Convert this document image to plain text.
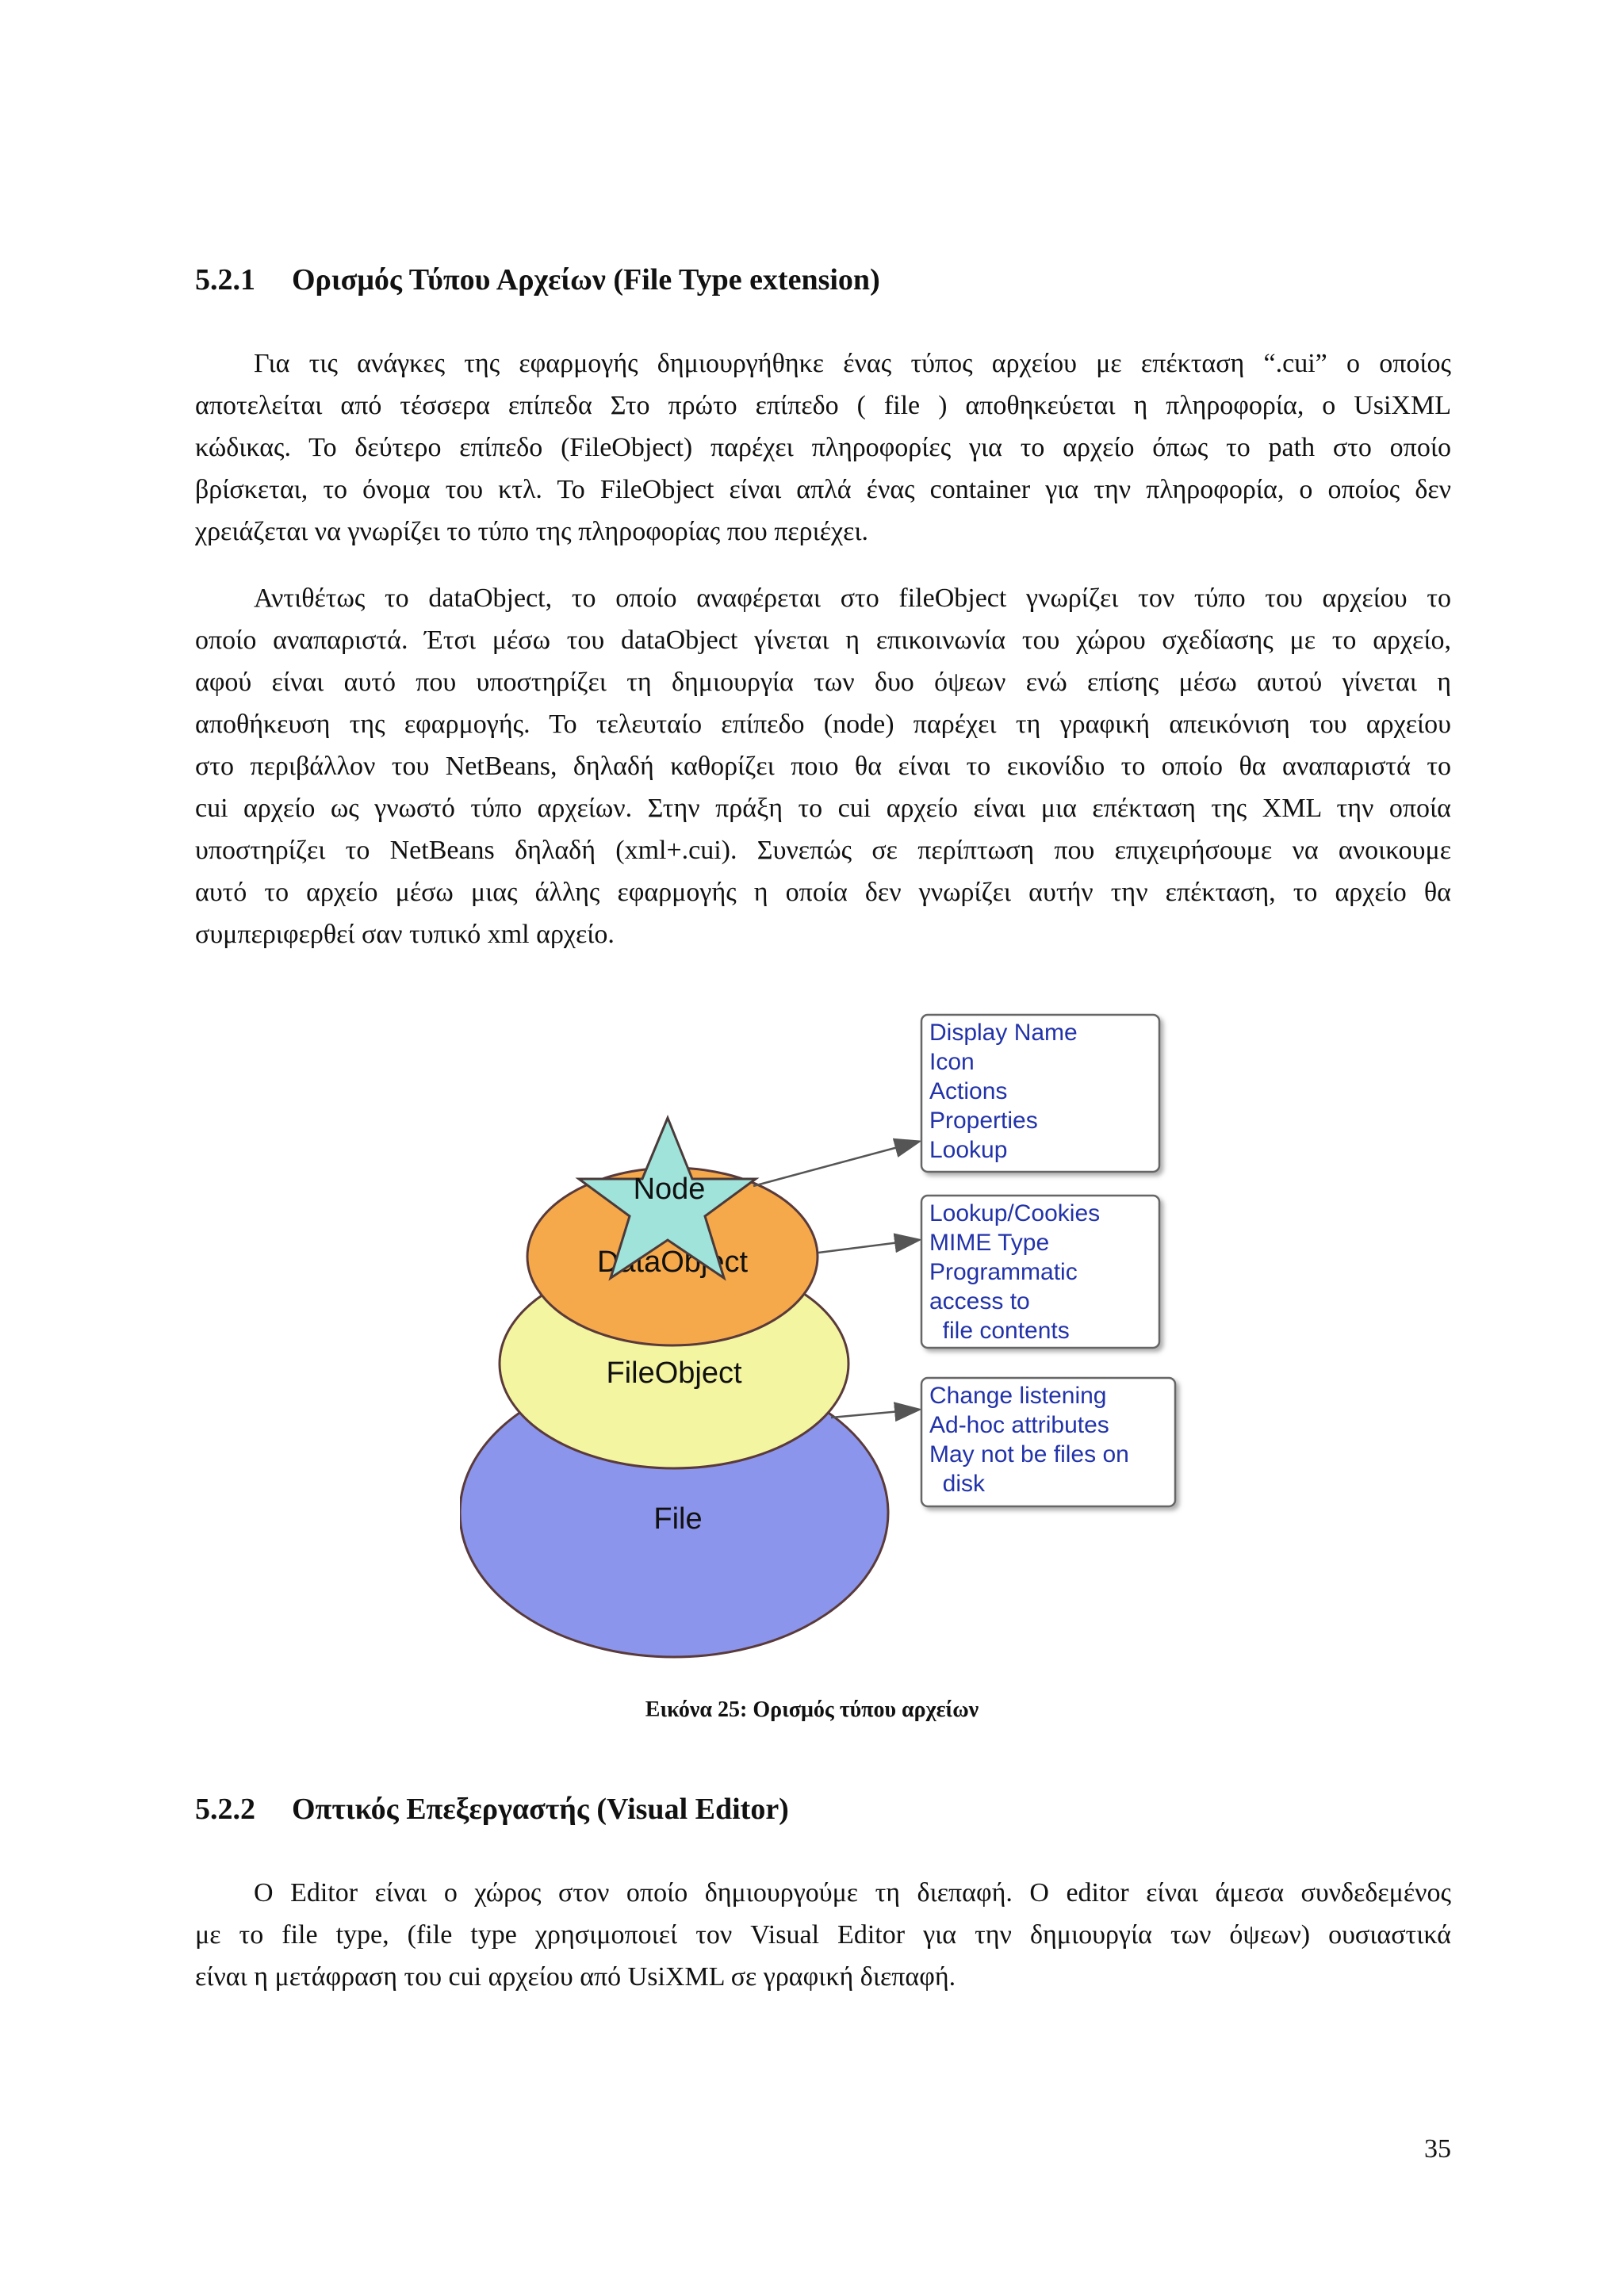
5.2.1 Ορισμός Τύπου Αρχείων (File Type extension)
Για τις ανάγκες της εφαρμογής δημιουργήθηκε ένας τύπος αρχείου με επέκταση “.cui” ο οποίος
αποτελείται από τέσσερα επίπεδα Στο πρώτο επίπεδο ( file ) αποθηκεύεται η πληροφορία, ο UsiXML
κώδικας. Το δεύτερο επίπεδο (FileObject) παρέχει πληροφορίες για το αρχείο όπως το path στο οποίο
βρίσκεται, το όνομα του κτλ. Το FileObject είναι απλά ένας container για την πληροφορία, ο οποίος δεν
χρειάζεται να γνωρίζει το τύπο της πληροφορίας που περιέχει.
Αντιθέτως το dataObject, το οποίο αναφέρεται στο fileObject γνωρίζει τον τύπο του αρχείου το
οποίο αναπαριστά. Έτσι μέσω του dataObject γίνεται η επικοινωνία του χώρου σχεδίασης με το αρχείο,
αφού είναι αυτό που υποστηρίζει τη δημιουργία των δυο όψεων ενώ επίσης μέσω αυτού γίνεται η
αποθήκευση της εφαρμογής. Το τελευταίο επίπεδο (node) παρέχει τη γραφική απεικόνιση του αρχείου
στο περιβάλλον του NetBeans, δηλαδή καθορίζει ποιο θα είναι το εικονίδιο το οποίο θα αναπαριστά το
cui αρχείο ως γνωστό τύπο αρχείων. Στην πράξη το cui αρχείο είναι μια επέκταση της XML την οποία
υποστηρίζει το NetBeans δηλαδή (xml+.cui). Συνεπώς σε περίπτωση που επιχειρήσουμε να ανοικουμε
αυτό το αρχείο μέσω μιας άλλης εφαρμογής η οποία δεν γνωρίζει αυτήν την επέκταση, το αρχείο θα
συμπεριφερθεί σαν τυπικό xml αρχείο.
File
FileObject
DataObject
Node
Display Name Icon Actions Properties Lookup
Lookup/Cookies MIME Type Programmatic access to   file contents
Change listening Ad-hoc attributes May not be files on   disk
Εικόνα 25: Ορισμός τύπου αρχείων
5.2.2 Οπτικός Επεξεργαστής (Visual Editor)
O Editor είναι ο χώρος στον οποίο δημιουργούμε τη διεπαφή. O editor είναι άμεσα συνδεδεμένος
με το file type, (file type χρησιμοποιεί τον Visual Editor για την δημιουργία των όψεων) ουσιαστικά
είναι η μετάφραση του cui αρχείου από UsiXML σε γραφική διεπαφή.
35
